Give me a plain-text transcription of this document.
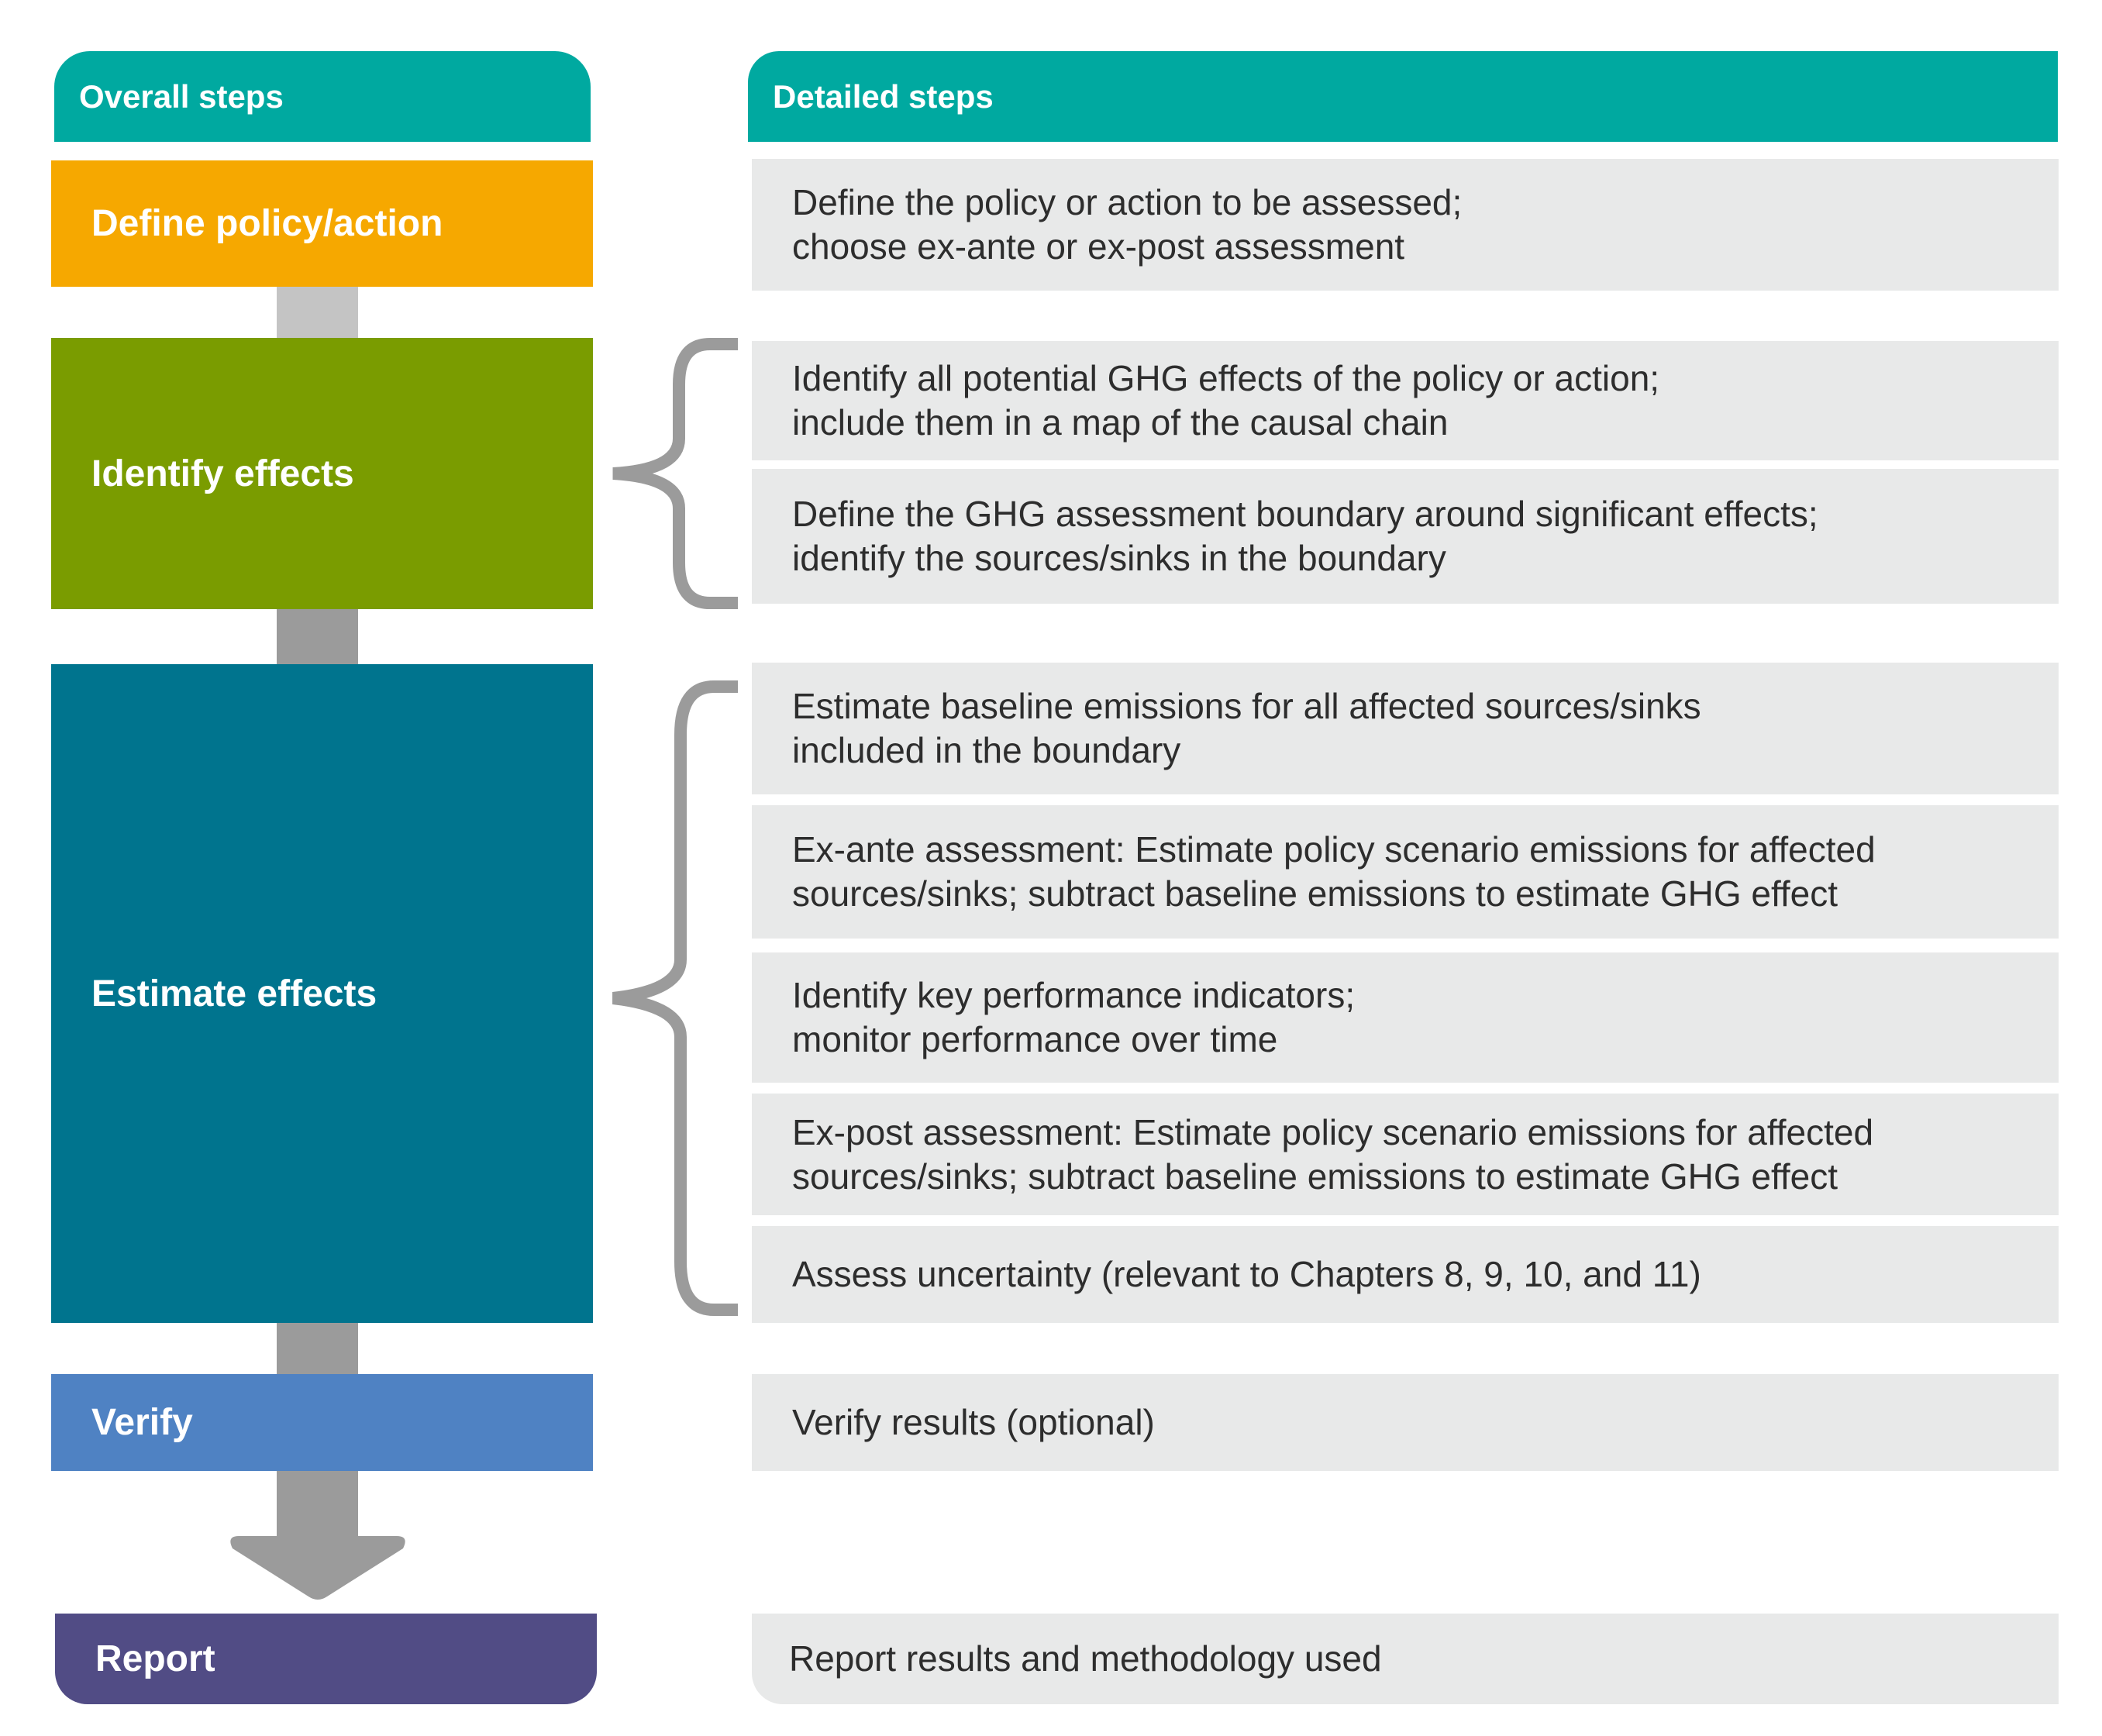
Overall steps
Define policy/action
Identify effects
Estimate effects
Verify
Report
Detailed steps
Define the policy or action to be assessed;
choose ex-ante or ex-post assessment
Identify all potential GHG effects of the policy or action;
include them in a map of the causal chain
Define the GHG assessment boundary around significant effects;
identify the sources/sinks in the boundary
Estimate baseline emissions for all affected sources/sinks
included in the boundary
Ex-ante assessment: Estimate policy scenario emissions for affected
sources/sinks; subtract baseline emissions to estimate GHG effect
Identify key performance indicators;
monitor performance over time
Ex-post assessment: Estimate policy scenario emissions for affected
sources/sinks; subtract baseline emissions to estimate GHG effect
Assess uncertainty (relevant to Chapters 8, 9, 10, and 11)
Verify results (optional)
Report results and methodology used
